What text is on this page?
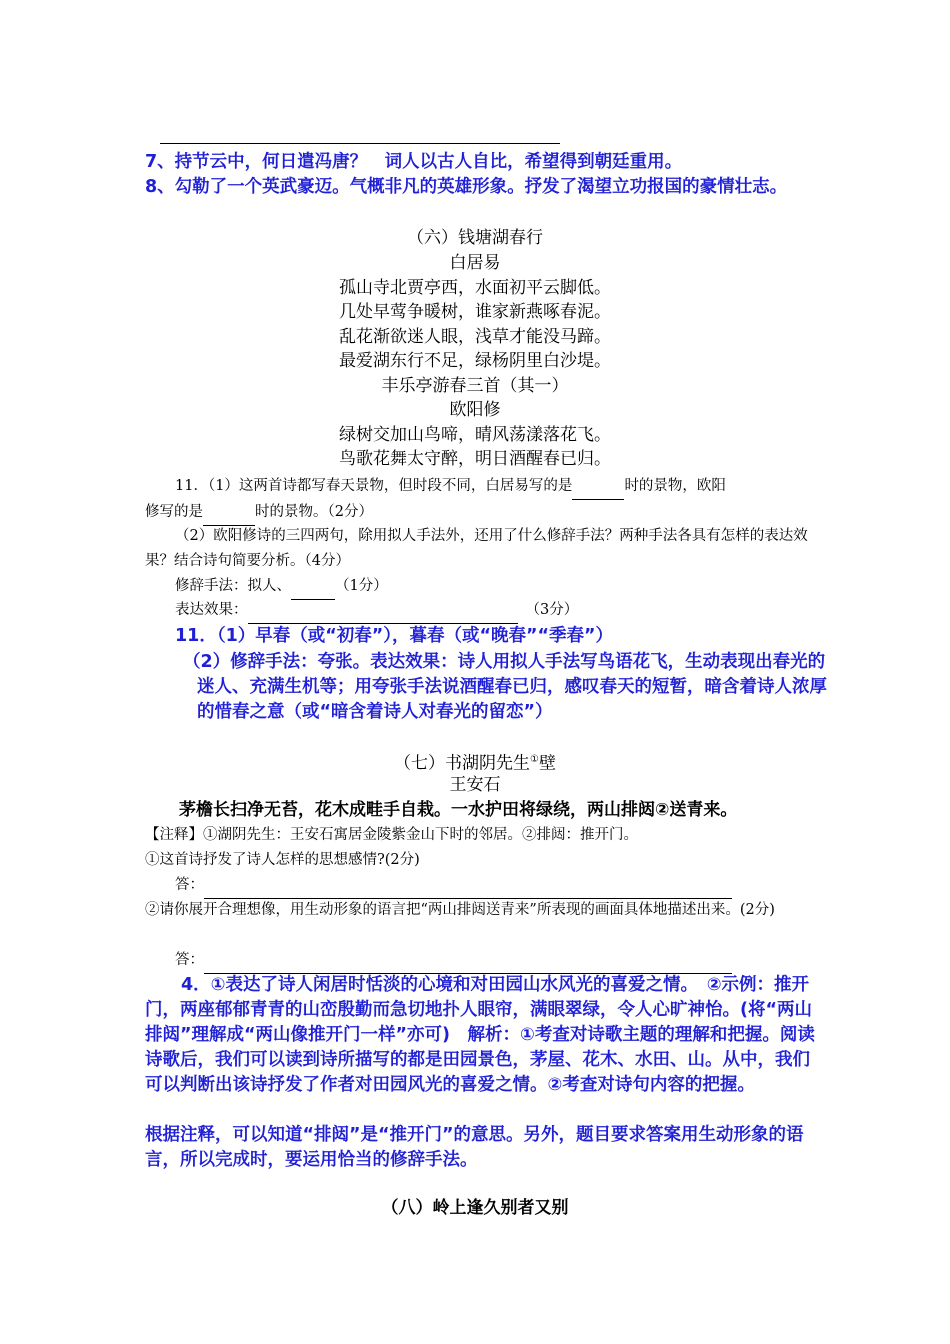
7、持节云中，何日遣冯唐？　词人以古人自比，希望得到朝廷重用。
8、勾勒了一个英武豪迈。气概非凡的英雄形象。抒发了渴望立功报国的豪情壮志。
（六）钱塘湖春行
白居易
孤山寺北贾亭西，水面初平云脚低。
几处早莺争暖树，谁家新燕啄春泥。
乱花渐欲迷人眼，浅草才能没马蹄。
最爱湖东行不足，绿杨阴里白沙堤。
丰乐亭游春三首（其一）
欧阳修
绿树交加山鸟啼，晴风荡漾落花飞。
鸟歌花舞太守醉，明日酒醒春已归。
11．（1）这两首诗都写春天景物，但时段不同，白居易写的是	时的景物，欧阳
修写的是	时的景物。（2分）
（2）欧阳修诗的三四两句，除用拟人手法外，还用了什么修辞手法？两种手法各具有怎样的表达效果？结合诗句简要分析。（4分）
修辞手法：拟人、	（1分）
表达效果：	（3分）
11．（1）早春（或“初春”），暮春（或“晚春”“季春”）
（2）修辞手法：夸张。表达效果：诗人用拟人手法写鸟语花飞，生动表现出春光的迷人、充满生机等；用夸张手法说酒醒春已归，感叹春天的短暂，暗含着诗人浓厚的惜春之意（或“暗含着诗人对春光的留恋”）
（七）书湖阴先生①壁
王安石
茅檐长扫净无苔，花木成畦手自栽。一水护田将绿绕，两山排闼②送青来。
【注释】①湖阴先生：王安石寓居金陵紫金山下时的邻居。②排闼：推开门。
①这首诗抒发了诗人怎样的思想感情?(2分)
答：
②请你展开合理想像，用生动形象的语言把“两山排闼送青来”所表现的画面具体地描述出来。(2分)
答：
4．①表达了诗人闲居时恬淡的心境和对田园山水风光的喜爱之情。　②示例：推开门，两座郁郁青青的山峦殷勤而急切地扑人眼帘，满眼翠绿，令人心旷神怡。(将“两山排闼”理解成“两山像推开门一样”亦可)　解析：①考查对诗歌主题的理解和把握。阅读诗歌后，我们可以读到诗所描写的都是田园景色，茅屋、花木、水田、山。从中，我们可以判断出该诗抒发了作者对田园风光的喜爱之情。②考查对诗句内容的把握。
根据注释，可以知道“排闼”是“推开门”的意思。另外，题目要求答案用生动形象的语言，所以完成时，要运用恰当的修辞手法。
（八）岭上逢久别者又别
